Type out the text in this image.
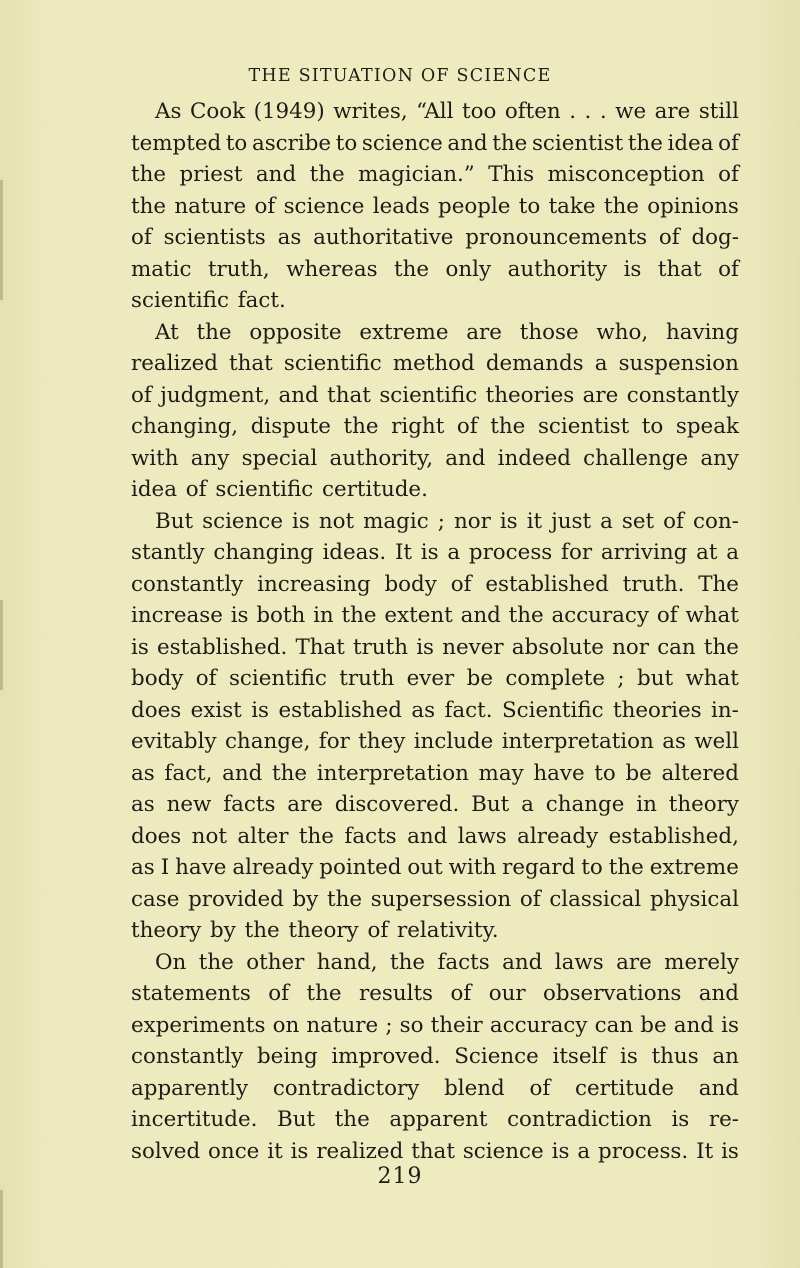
THE SITUATION OF SCIENCE
As Cook (1949) writes, “All too often . . . we are still
tempted to ascribe to science and the scientist the idea of
the priest and the magician.” This misconception of
the nature of science leads people to take the opinions
of scientists as authoritative pronouncements of dog-
matic truth, whereas the only authority is that of
scientific fact.
At the opposite extreme are those who, having
realized that scientific method demands a suspension
of judgment, and that scientific theories are constantly
changing, dispute the right of the scientist to speak
with any special authority, and indeed challenge any
idea of scientific certitude.
But science is not magic ; nor is it just a set of con-
stantly changing ideas. It is a process for arriving at a
constantly increasing body of established truth. The
increase is both in the extent and the accuracy of what
is established. That truth is never absolute nor can the
body of scientific truth ever be complete ; but what
does exist is established as fact. Scientific theories in-
evitably change, for they include interpretation as well
as fact, and the interpretation may have to be altered
as new facts are discovered. But a change in theory
does not alter the facts and laws already established,
as I have already pointed out with regard to the extreme
case provided by the supersession of classical physical
theory by the theory of relativity.
On the other hand, the facts and laws are merely
statements of the results of our observations and
experiments on nature ; so their accuracy can be and is
constantly being improved. Science itself is thus an
apparently contradictory blend of certitude and
incertitude. But the apparent contradiction is re-
solved once it is realized that science is a process. It is
219
